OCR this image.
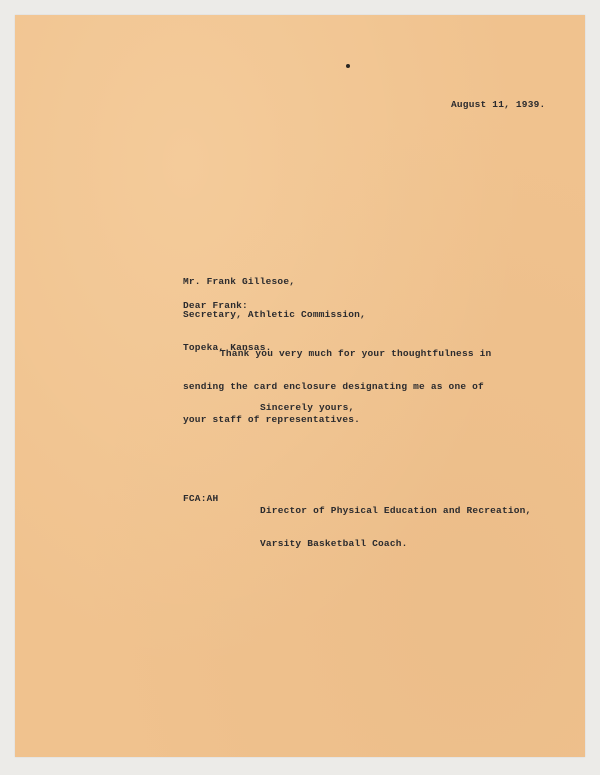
August 11, 1939.

Mr. Frank Gillesoe,

Secretary, Athletic Commission,

Topeka, Kansas.

Dear Frank:

Thank you very much for your thoughtfulness in

sending the card enclosure designating me as one of

your staff of representatives.

Sincerely yours,

Director of Physical Education and Recreation,

Varsity Basketball Coach.

FCA:AH
